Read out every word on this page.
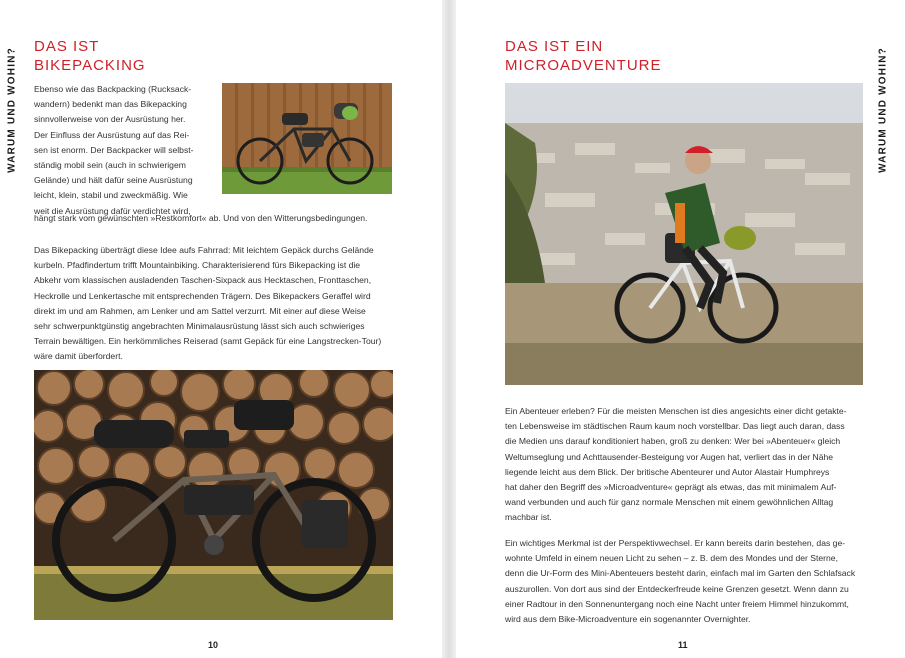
WARUM UND WOHIN?	WARUM UND WOHIN?
DAS IST
BIKEPACKING
Ebenso wie das Backpacking (Rucksack-
wandern) bedenkt man das Bikepacking
sinnvollerweise von der Ausrüstung her.
Der Einfluss der Ausrüstung auf das Rei-
sen ist enorm. Der Backpacker will selbst-
ständig mobil sein (auch in schwierigem
Gelände) und hält dafür seine Ausrüstung
leicht, klein, stabil und zweckmäßig. Wie
weit die Ausrüstung dafür verdichtet wird,
hängt stark vom gewünschten »Restkomfort« ab. Und von den Witterungsbedingungen.
Das Bikepacking überträgt diese Idee aufs Fahrrad: Mit leichtem Gepäck durchs Gelände
kurbeln. Pfadfindertum trifft Mountainbiking. Charakterisierend fürs Bikepacking ist die
Abkehr vom klassischen ausladenden Taschen-Sixpack aus Hecktaschen, Fronttaschen,
Heckrolle und Lenkertasche mit entsprechenden Trägern. Des Bikepackers Geraffel wird
direkt im und am Rahmen, am Lenker und am Sattel verzurrt. Mit einer auf diese Weise
sehr schwerpunktgünstig angebrachten Minimalausrüstung lässt sich auch schwieriges
Terrain bewältigen. Ein herkömmliches Reiserad (samt Gepäck für eine Langstrecken-Tour)
wäre damit überfordert.
DAS IST EIN
MICROADVENTURE
Ein Abenteuer erleben? Für die meisten Menschen ist dies angesichts einer dicht getakte-
ten Lebensweise im städtischen Raum kaum noch vorstellbar. Das liegt auch daran, dass
die Medien uns darauf konditioniert haben, groß zu denken: Wer bei »Abenteuer« gleich
Weltumseglung und Achttausender-Besteigung vor Augen hat, verliert das in der Nähe
liegende leicht aus dem Blick. Der britische Abenteurer und Autor Alastair Humphreys
hat daher den Begriff des »Microadventure« geprägt als etwas, das mit minimalem Auf-
wand verbunden und auch für ganz normale Menschen mit einem gewöhnlichen Alltag
machbar ist.
Ein wichtiges Merkmal ist der Perspektivwechsel. Er kann bereits darin bestehen, das ge-
wohnte Umfeld in einem neuen Licht zu sehen – z. B. dem des Mondes und der Sterne,
denn die Ur-Form des Mini-Abenteuers besteht darin, einfach mal im Garten den Schlafsack
auszurollen. Von dort aus sind der Entdeckerfreude keine Grenzen gesetzt. Wenn dann zu
einer Radtour in den Sonnenuntergang noch eine Nacht unter freiem Himmel hinzukommt,
wird aus dem Bike-Microadventure ein sogenannter Overnighter.
10	11
